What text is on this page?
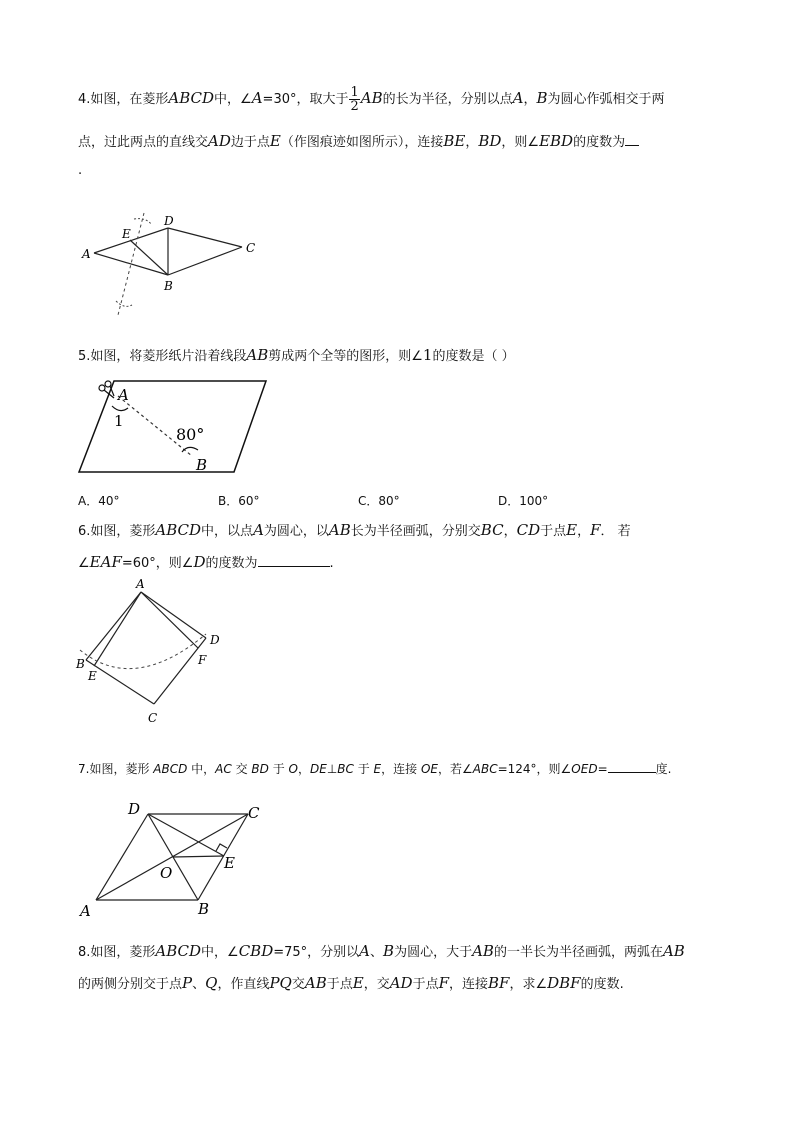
4.如图，在菱形ABCD中，∠A=30°，取大于 $\frac{1}{2}$ AB的长为半径，分别以点A，B为圆心作弧相交于两
点，过此两点的直线交AD边于点E（作图痕迹如图所示），连接BE，BD，则∠EBD的度数为
.
A
B
C
D
E
5.如图，将菱形纸片沿着线段AB剪成两个全等的图形，则∠1的度数是（ ）
A
1
80°
B
A．40°	B．60°	C．80°	D．100°
6.如图，菱形ABCD中，以点A为圆心，以AB长为半径画弧，分别交BC，CD于点E，F． 若
∠EAF=60°，则∠D的度数为	.
A
B
C
D
E
F
7.如图，菱形 ABCD 中，AC 交 BD 于 O，DE⊥BC 于 E，连接 OE，若∠ABC=124°，则∠OED=	度.
D	C
A	B
E
O
8.如图，菱形ABCD中，∠CBD=75°，分别以A、B为圆心，大于AB的一半长为半径画弧，两弧在AB
的两侧分别交于点P、Q，作直线PQ交AB于点E，交AD于点F，连接BF，求∠DBF的度数.
